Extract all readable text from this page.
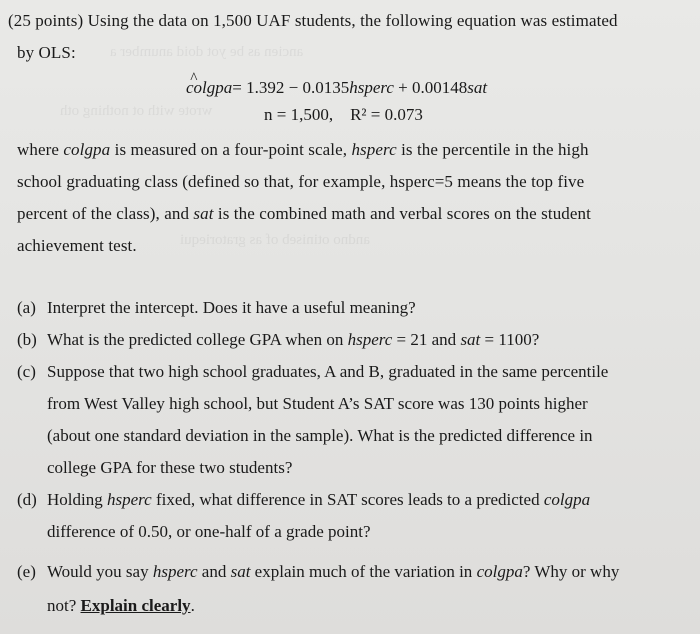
ancien as be yot doid anumber a
wrote with ot nothing oth
andno otiniseb of as gratoriequi
(25 points) Using the data on 1,500 UAF students, the following equation was estimated
by OLS:
^ colgpa= 1.392 − 0.0135hsperc + 0.00148sat
n = 1,500, R² = 0.073
where colgpa is measured on a four-point scale, hsperc is the percentile in the high
school graduating class (defined so that, for example, hsperc=5 means the top five
percent of the class), and sat is the combined math and verbal scores on the student
achievement test.
(a) Interpret the intercept. Does it have a useful meaning?
(b) What is the predicted college GPA when on hsperc = 21 and sat = 1100?
(c) Suppose that two high school graduates, A and B, graduated in the same percentile
from West Valley high school, but Student A’s SAT score was 130 points higher
(about one standard deviation in the sample). What is the predicted difference in
college GPA for these two students?
(d) Holding hsperc fixed, what difference in SAT scores leads to a predicted colgpa
difference of 0.50, or one-half of a grade point?
(e) Would you say hsperc and sat explain much of the variation in colgpa? Why or why
not? Explain clearly.
